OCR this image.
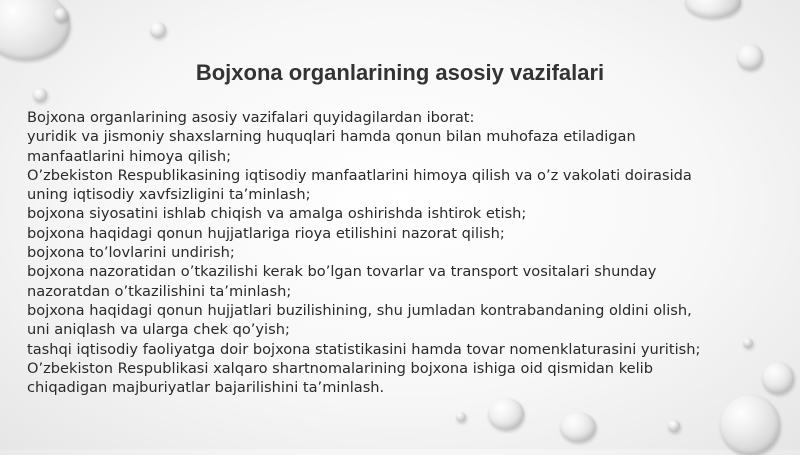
Bojxona organlarining asosiy vazifalari
Bojxona organlarining asosiy vazifalari quyidagilardan iborat:
yuridik va jismoniy shaxslarning huquqlari hamda qonun bilan muhofaza etiladigan
manfaatlarini himoya qilish;
O’zbekiston Respublikasining iqtisodiy manfaatlarini himoya qilish va o’z vakolati doirasida
uning iqtisodiy xavfsizligini ta’minlash;
bojxona siyosatini ishlab chiqish va amalga oshirishda ishtirok etish;
bojxona haqidagi qonun hujjatlariga rioya etilishini nazorat qilish;
bojxona to’lovlarini undirish;
bojxona nazoratidan o’tkazilishi kerak bo’lgan tovarlar va transport vositalari shunday
nazoratdan o’tkazilishini ta’minlash;
bojxona haqidagi qonun hujjatlari buzilishining, shu jumladan kontrabandaning oldini olish,
uni aniqlash va ularga chek qo’yish;
tashqi iqtisodiy faoliyatga doir bojxona statistikasini hamda tovar nomenklaturasini yuritish;
O’zbekiston Respublikasi xalqaro shartnomalarining bojxona ishiga oid qismidan kelib
chiqadigan majburiyatlar bajarilishini ta’minlash.
